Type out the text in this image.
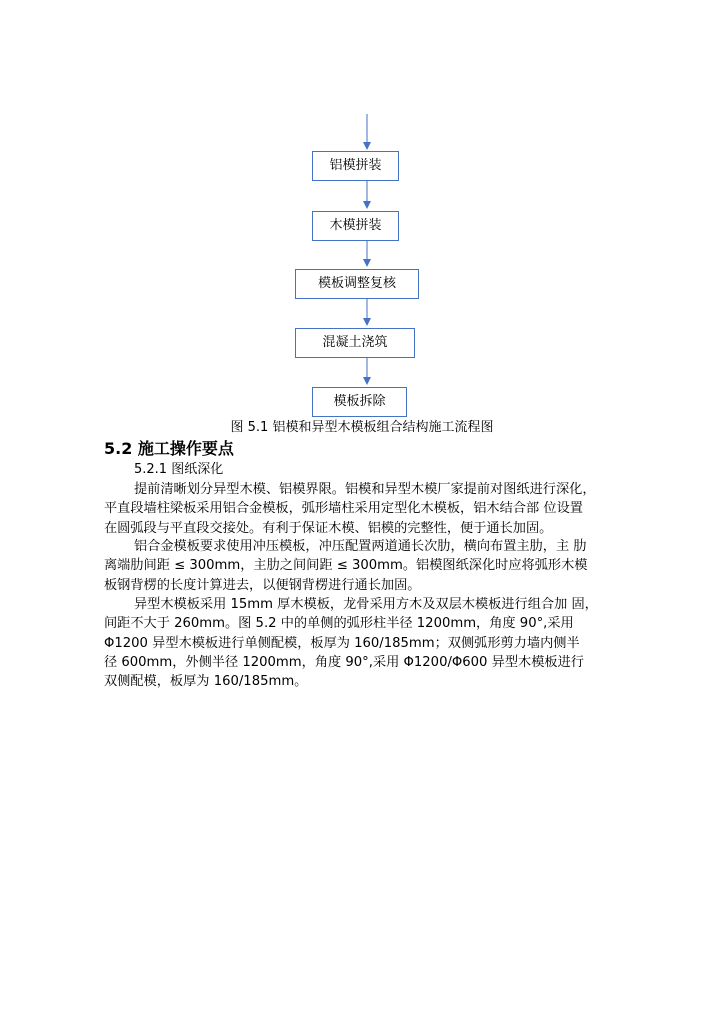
铝模拼装
木模拼装
模板调整复核
混凝土浇筑
模板拆除
图 5.1 铝模和异型木模板组合结构施工流程图
5.2 施工操作要点
5.2.1 图纸深化
提前清晰划分异型木模、铝模界限。铝模和异型木模厂家提前对图纸进行深化，
平直段墙柱梁板采用铝合金模板，弧形墙柱采用定型化木模板，铝木结合部 位设置
在圆弧段与平直段交接处。有利于保证木模、铝模的完整性，便于通长加固。
铝合金模板要求使用冲压模板，冲压配置两道通长次肋，横向布置主肋，主 肋
离端肋间距 ≤ 300mm，主肋之间间距 ≤ 300mm。铝模图纸深化时应将弧形木模
板钢背楞的长度计算进去，以便钢背楞进行通长加固。
异型木模板采用 15mm 厚木模板，龙骨采用方木及双层木模板进行组合加 固，
间距不大于 260mm。图 5.2 中的单侧的弧形柱半径 1200mm，角度 90°,采用
Φ1200 异型木模板进行单侧配模，板厚为 160/185mm；双侧弧形剪力墙内侧半
径 600mm，外侧半径 1200mm，角度 90°,采用 Φ1200/Φ600 异型木模板进行
双侧配模，板厚为 160/185mm。
